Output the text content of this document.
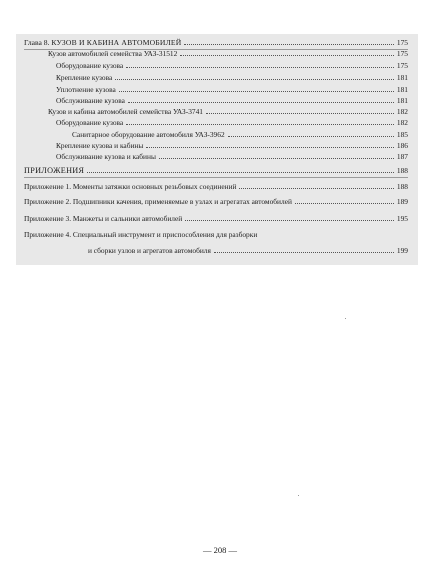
Глава 8. КУЗОВ И КАБИНА АВТОМОБИЛЕЙ	175
Кузов автомобилей семейства УАЗ-31512	175
Оборудование кузова	175
Крепление кузова	181
Уплотнение кузова	181
Обслуживание кузова	181
Кузов и кабина автомобилей семейства УАЗ-3741	182
Оборудование кузова	182
Санитарное оборудование автомобиля УАЗ-3962	185
Крепление кузова и кабины	186
Обслуживание кузова и кабины	187
ПРИЛОЖЕНИЯ	188
Приложение 1. Моменты затяжки основных резьбовых соединений	188
Приложение 2. Подшипники качения, применяемые в узлах и агрегатах автомобилей	189
Приложение 3. Манжеты и сальники автомобилей	195
Приложение 4. Специальный инструмент и приспособления для разборки
и сборки узлов и агрегатов автомобиля	199
— 208 —
